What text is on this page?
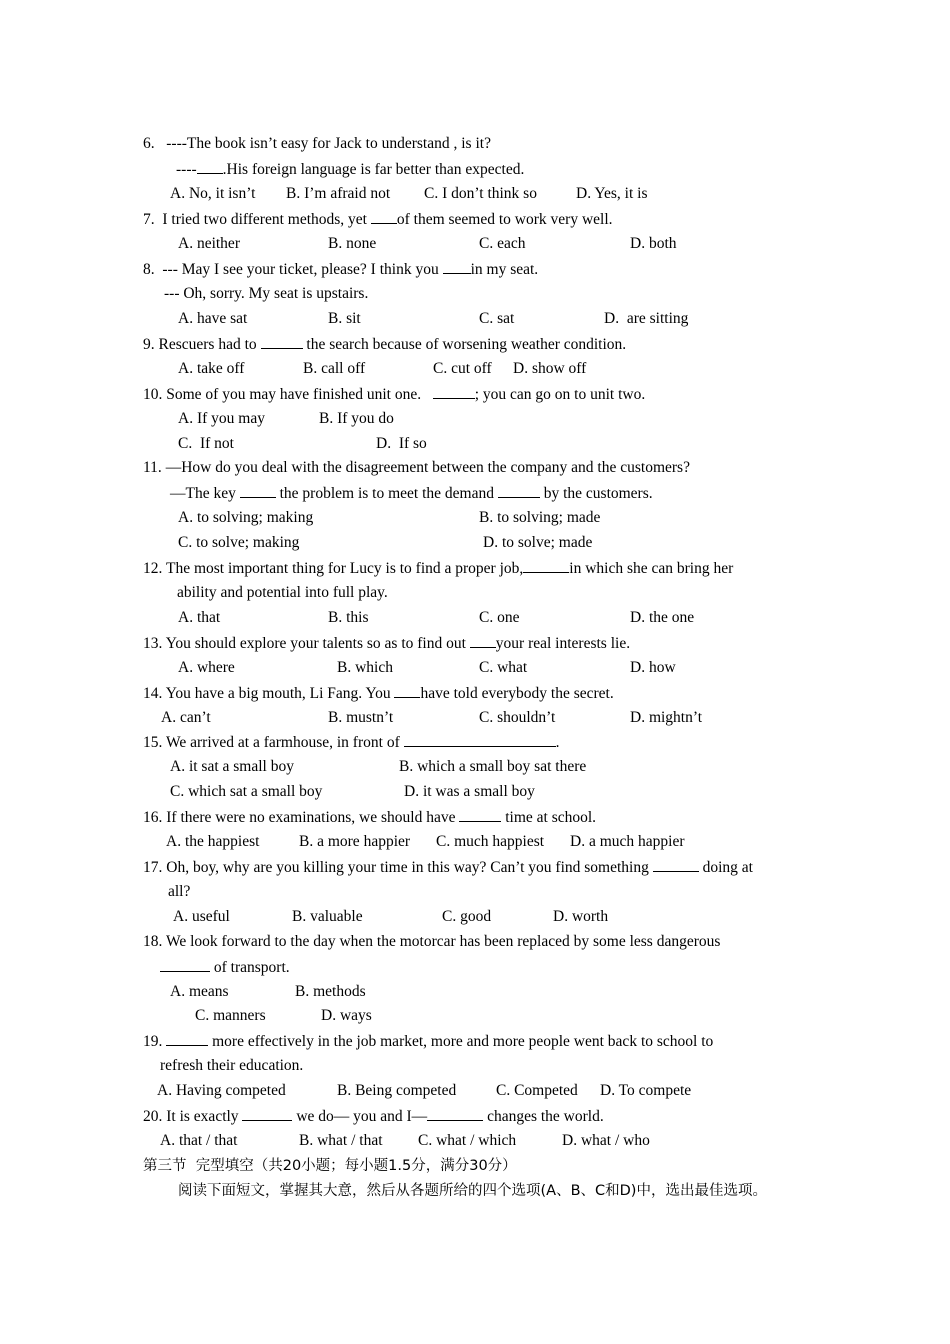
6. ----The book isn’t easy for Jack to understand , is it?
---- .His foreign language is far better than expected.
A. No, it isn’t B. I’m afraid not C. I don’t think so	D. Yes, it is
7. I tried two different methods, yet of them seemed to work very well.
A. neither	B. none	C. each	D. both
8. --- May I see your ticket, please? I think you in my seat.
--- Oh, sorry. My seat is upstairs.
A. have sat	B. sit	C. sat	D.  are sitting
9. Rescuers had to	the search because of worsening weather condition.
A. take off	B. call off	C. cut off D. show off
10. Some of you may have finished unit one.	; you can go on to unit two.
A. If you may	B. If you do
C.  If not	D.  If so
11. —How do you deal with the disagreement between the company and the customers?
—The key  the problem is to meet the demand	by the customers.
A. to solving; making	B. to solving; made
C. to solve; making	D. to solve; made
12. The most important thing for Lucy is to find a proper job,	in which she can bring her
ability and potential into full play.
A. that	B. this	C. one	D. the one
13. You should explore your talents so as to find out your real interests lie.
A. where	B. which	C. what	D. how
14. You have a big mouth, Li Fang. You have told everybody the secret.
A. can’t	B. mustn’t	C. shouldn’t	D. mightn’t
15. We arrived at a farmhouse, in front of	.
A. it sat a small boy	B. which a small boy sat there
C. which sat a small boy	D. it was a small boy
16. If there were no examinations, we should have	time at school.
A. the happiest	B. a more happier C. much happiest D. a much happier
17. Oh, boy, why are you killing your time in this way? Can’t you find something	doing at
all?
A. useful	B. valuable	C. good	D. worth
18. We look forward to the day when the motorcar has been replaced by some less dangerous
of transport.
A. means	B. methods
C. manners	D. ways
19.	more effectively in the job market, more and more people went back to school to
refresh their education.
A. Having competed	B. Being competed	C. Competed D. To compete
20. It is exactly	we do— you and I—	changes the world.
A. that / that	B. what / that C. what / which	D. what / who
第三节  完型填空（共20小题；每小题1.5分，满分30分）
阅读下面短文，掌握其大意，然后从各题所给的四个选项(A、B、C和D)中，选出最佳选项。
